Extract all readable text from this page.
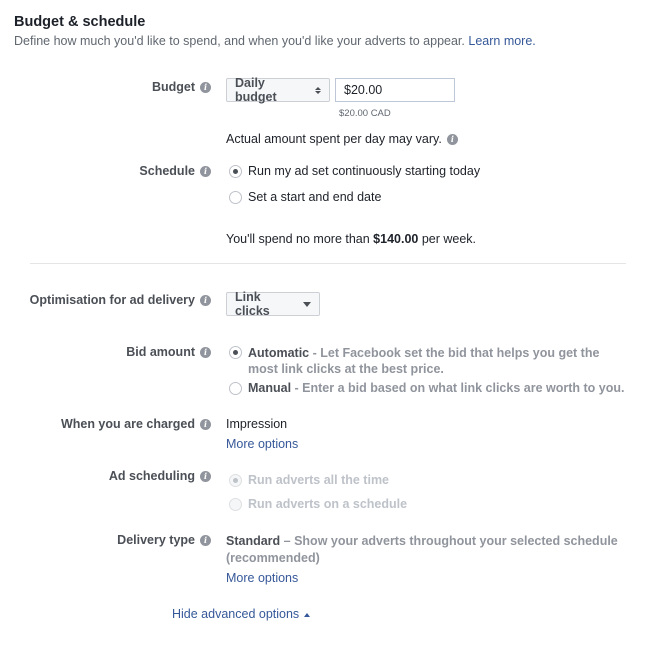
Budget & schedule
Define how much you'd like to spend, and when you'd like your adverts to appear. Learn more.
Budget	i	Daily budget	$20.00
$20.00 CAD
Actual amount spent per day may vary.	i
Schedule	i	Run my ad set continuously starting today
Set a start and end date
You'll spend no more than $140.00 per week.
Optimisation for ad delivery	i	Link clicks
Bid amount	i	Automatic - Let Facebook set the bid that helps you get the
most link clicks at the best price.
Manual - Enter a bid based on what link clicks are worth to you.
When you are charged	i	Impression
More options
Ad scheduling	i	Run adverts all the time
Run adverts on a schedule
Delivery type	i	Standard – Show your adverts throughout your selected schedule
(recommended)
More options
Hide advanced options
